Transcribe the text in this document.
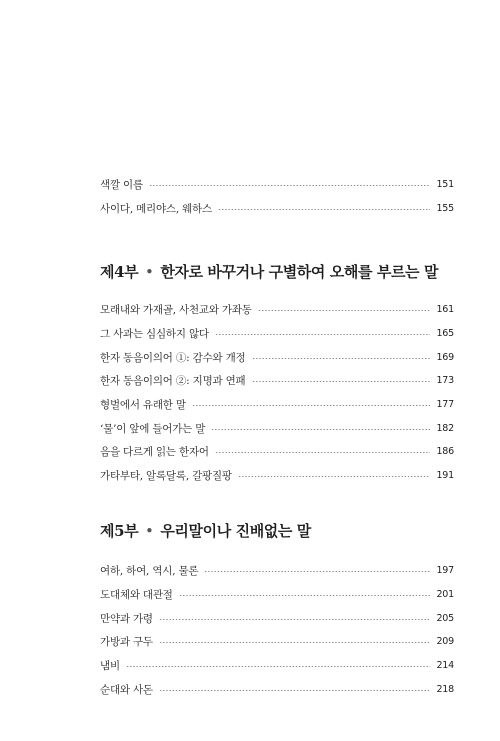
색깔 이름	151
사이다, 메리야스, 웨하스	155
제4부 • 한자로 바꾸거나 구별하여 오해를 부르는 말
모래내와 가재골, 사천교와 가좌동	161
그 사과는 심심하지 않다	165
한자 동음이의어 ①: 감수와 개정	169
한자 동음이의어 ②: 지명과 연패	173
형벌에서 유래한 말	177
‘물’이 앞에 들어가는 말	182
음을 다르게 읽는 한자어	186
가타부타, 알록달록, 갈팡질팡	191
제5부 • 우리말이나 진배없는 말
여하, 하여, 역시, 물론	197
도대체와 대관절	201
만약과 가령	205
가방과 구두	209
냄비	214
순대와 사돈	218
